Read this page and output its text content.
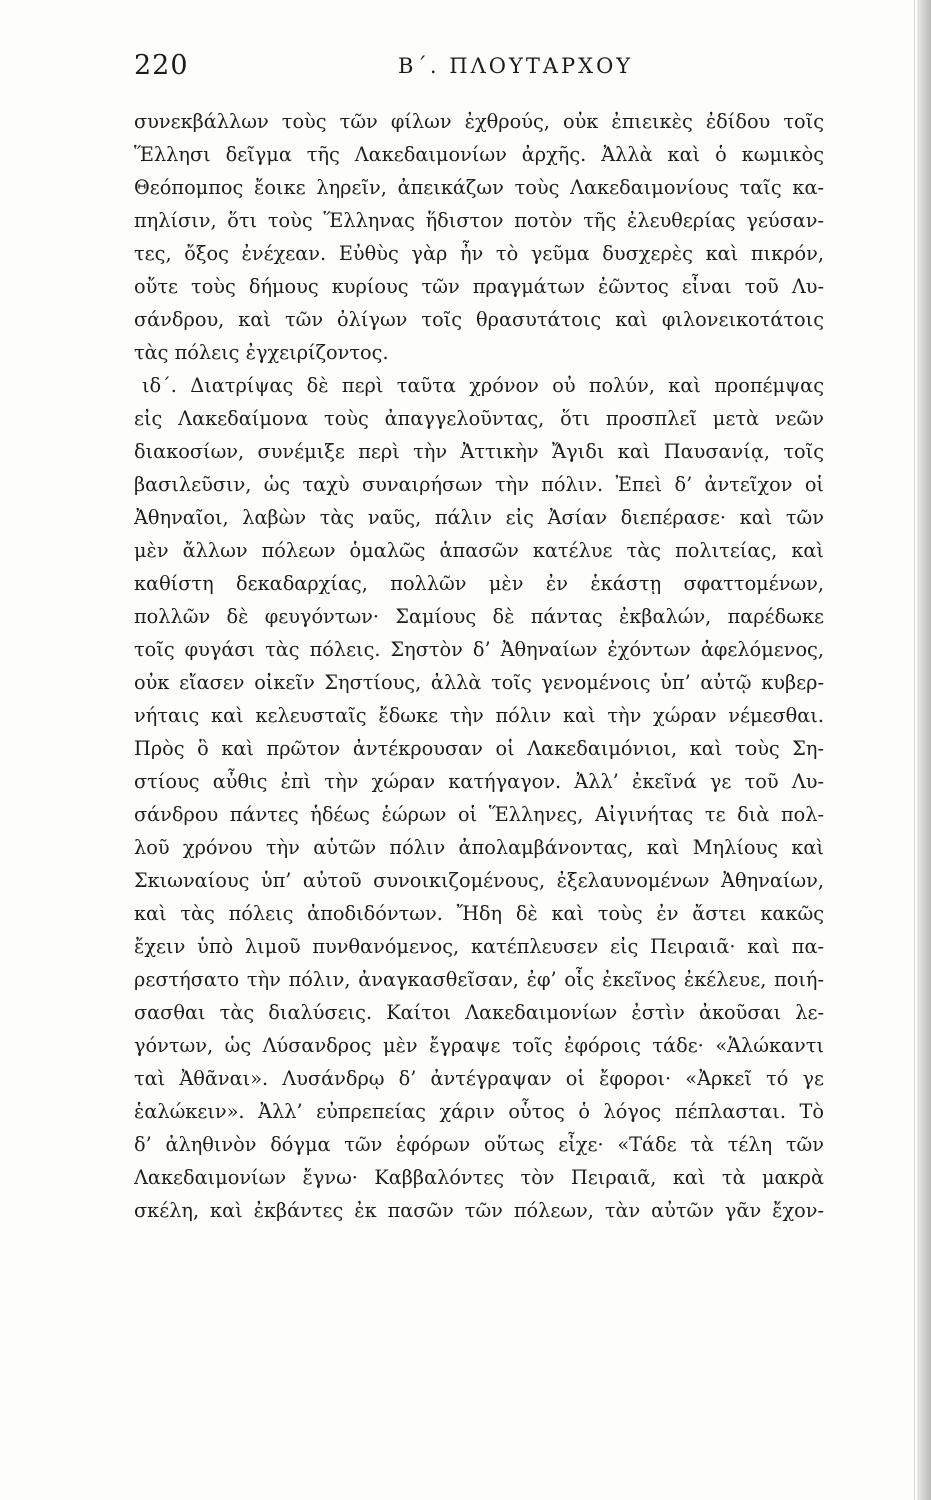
220	Β΄. ΠΛΟΥΤΑΡΧΟΥ
συνεκβάλλων τοὺς τῶν φίλων ἐχθρούς, οὐκ ἐπιεικὲς ἐδίδου τοῖς
Ἕλλησι δεῖγμα τῆς Λακεδαιμονίων ἀρχῆς. Ἀλλὰ καὶ ὁ κωμικὸς
Θεόπομπος ἔοικε ληρεῖν, ἀπεικάζων τοὺς Λακεδαιμονίους ταῖς κα-
πηλίσιν, ὅτι τοὺς Ἕλληνας ἥδιστον ποτὸν τῆς ἐλευθερίας γεύσαν-
τες, ὄξος ἐνέχεαν. Εὐθὺς γὰρ ἦν τὸ γεῦμα δυσχερὲς καὶ πικρόν,
οὔτε τοὺς δήμους κυρίους τῶν πραγμάτων ἐῶντος εἶναι τοῦ Λυ-
σάνδρου, καὶ τῶν ὀλίγων τοῖς θρασυτάτοις καὶ φιλονεικοτάτοις
τὰς πόλεις ἐγχειρίζοντος.
ιδ΄. Διατρίψας δὲ περὶ ταῦτα χρόνον οὐ πολύν, καὶ προπέμψας
εἰς Λακεδαίμονα τοὺς ἀπαγγελοῦντας, ὅτι προσπλεῖ μετὰ νεῶν
διακοσίων, συνέμιξε περὶ τὴν Ἀττικὴν Ἄγιδι καὶ Παυσανίᾳ, τοῖς
βασιλεῦσιν, ὡς ταχὺ συναιρήσων τὴν πόλιν. Ἐπεὶ δ’ ἀντεῖχον οἱ
Ἀθηναῖοι, λαβὼν τὰς ναῦς, πάλιν εἰς Ἀσίαν διεπέρασε· καὶ τῶν
μὲν ἄλλων πόλεων ὁμαλῶς ἁπασῶν κατέλυε τὰς πολιτείας, καὶ
καθίστη δεκαδαρχίας, πολλῶν μὲν ἐν ἑκάστῃ σφαττομένων,
πολλῶν δὲ φευγόντων· Σαμίους δὲ πάντας ἐκβαλών, παρέδωκε
τοῖς φυγάσι τὰς πόλεις. Σηστὸν δ’ Ἀθηναίων ἐχόντων ἀφελόμενος,
οὐκ εἴασεν οἰκεῖν Σηστίους, ἀλλὰ τοῖς γενομένοις ὑπ’ αὐτῷ κυβερ-
νήταις καὶ κελευσταῖς ἔδωκε τὴν πόλιν καὶ τὴν χώραν νέμεσθαι.
Πρὸς ὃ καὶ πρῶτον ἀντέκρουσαν οἱ Λακεδαιμόνιοι, καὶ τοὺς Ση-
στίους αὖθις ἐπὶ τὴν χώραν κατήγαγον. Ἀλλ’ ἐκεῖνά γε τοῦ Λυ-
σάνδρου πάντες ἡδέως ἑώρων οἱ Ἕλληνες, Αἰγινήτας τε διὰ πολ-
λοῦ χρόνου τὴν αὑτῶν πόλιν ἀπολαμβάνοντας, καὶ Μηλίους καὶ
Σκιωναίους ὑπ’ αὐτοῦ συνοικιζομένους, ἐξελαυνομένων Ἀθηναίων,
καὶ τὰς πόλεις ἀποδιδόντων. Ἤδη δὲ καὶ τοὺς ἐν ἄστει κακῶς
ἔχειν ὑπὸ λιμοῦ πυνθανόμενος, κατέπλευσεν εἰς Πειραιᾶ· καὶ πα-
ρεστήσατο τὴν πόλιν, ἀναγκασθεῖσαν, ἐφ’ οἷς ἐκεῖνος ἐκέλευε, ποιή-
σασθαι τὰς διαλύσεις. Καίτοι Λακεδαιμονίων ἐστὶν ἀκοῦσαι λε-
γόντων, ὡς Λύσανδρος μὲν ἔγραψε τοῖς ἐφόροις τάδε· «Ἁλώκαντι
ταὶ Ἀθᾶναι». Λυσάνδρῳ δ’ ἀντέγραψαν οἱ ἔφοροι· «Ἀρκεῖ τό γε
ἑαλώκειν». Ἀλλ’ εὐπρεπείας χάριν οὗτος ὁ λόγος πέπλασται. Τὸ
δ’ ἀληθινὸν δόγμα τῶν ἐφόρων οὕτως εἶχε· «Τάδε τὰ τέλη τῶν
Λακεδαιμονίων ἔγνω· Καββαλόντες τὸν Πειραιᾶ, καὶ τὰ μακρὰ
σκέλη, καὶ ἐκβάντες ἐκ πασῶν τῶν πόλεων, τὰν αὐτῶν γᾶν ἔχον-
